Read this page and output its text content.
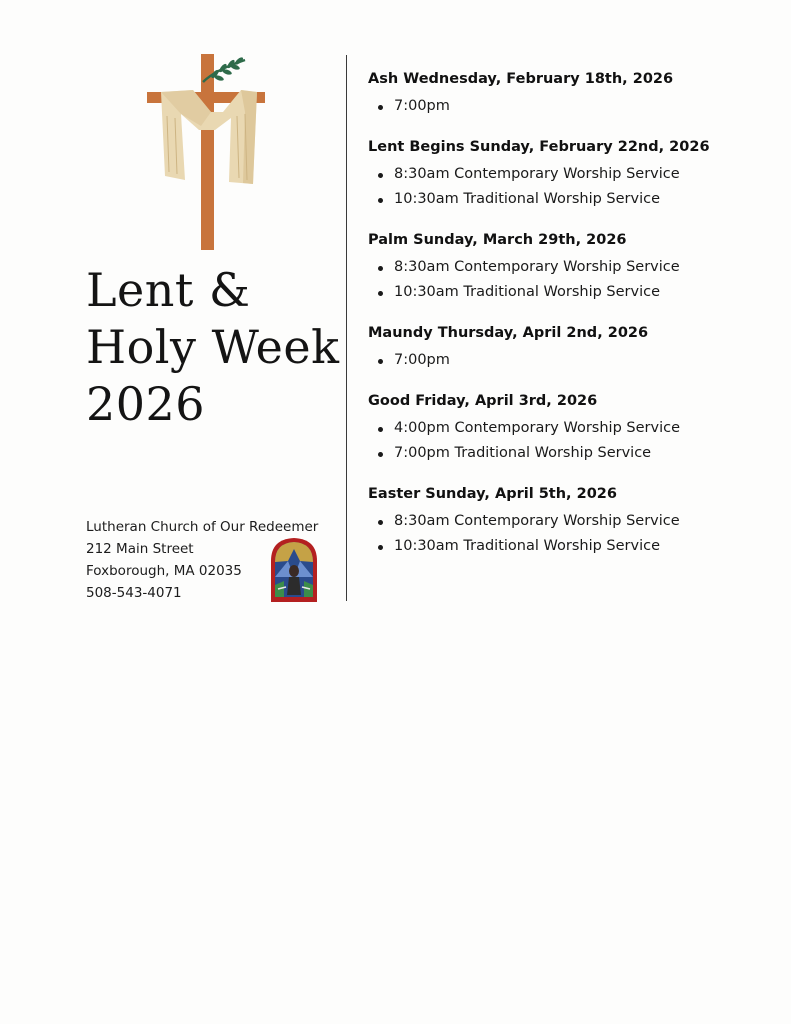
Lent &
Holy Week
2026
Lutheran Church of Our Redeemer
212 Main Street
Foxborough, MA 02035
508-543-4071
Ash Wednesday, February 18th, 2026
7:00pm
Lent Begins Sunday, February 22nd, 2026
8:30am Contemporary Worship Service
10:30am Traditional Worship Service
Palm Sunday, March 29th, 2026
8:30am Contemporary Worship Service
10:30am Traditional Worship Service
Maundy Thursday, April 2nd, 2026
7:00pm
Good Friday, April 3rd, 2026
4:00pm Contemporary Worship Service
7:00pm Traditional Worship Service
Easter Sunday, April 5th, 2026
8:30am Contemporary Worship Service
10:30am Traditional Worship Service
